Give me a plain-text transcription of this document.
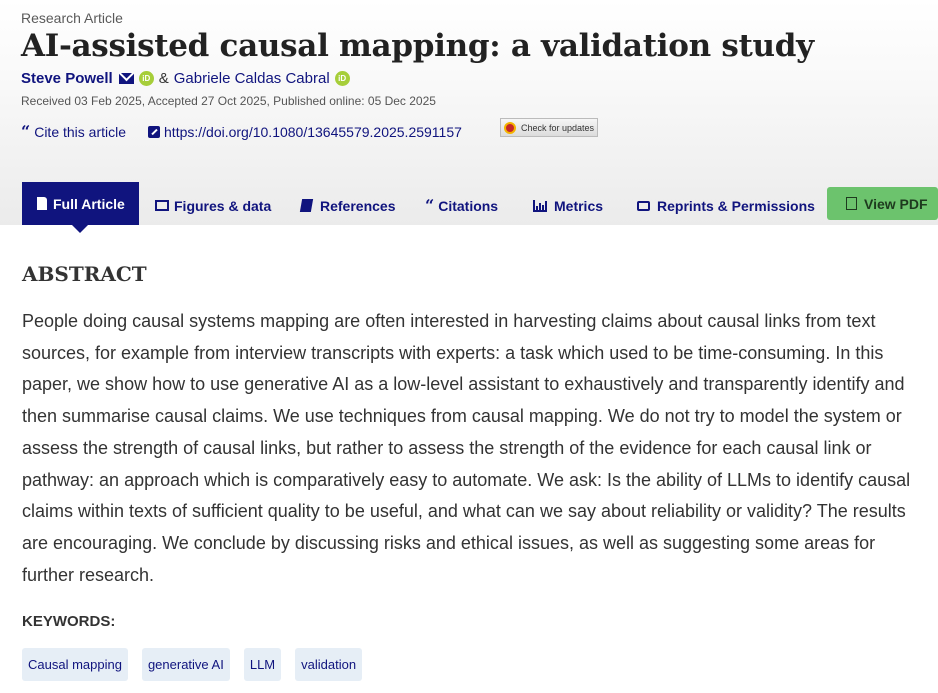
Research Article
AI-assisted causal mapping: a validation study
Steve Powell	iD & Gabriele Caldas Cabral	iD
Received 03 Feb 2025, Accepted 27 Oct 2025, Published online: 05 Dec 2025
“ Cite this article	https://doi.org/10.1080/13645579.2025.2591157	Check for updates
Full Article	Figures & data	References “ Citations	Metrics	Reprints & Permissions	View PDF
ABSTRACT

People doing causal systems mapping are often interested in harvesting claims about causal links from text sources, for example from interview transcripts with experts: a task which used to be time-consuming. In this paper, we show how to use generative AI as a low-level assistant to exhaustively and transparently identify and then summarise causal claims. We use techniques from causal mapping. We do not try to model the system or assess the strength of causal links, but rather to assess the strength of the evidence for each causal link or pathway: an approach which is comparatively easy to automate. We ask: Is the ability of LLMs to identify causal claims within texts of sufficient quality to be useful, and what can we say about reliability or validity? The results are encouraging. We conclude by discussing risks and ethical issues, as well as suggesting some areas for further research.

KEYWORDS:
Causal mapping	generative AI	LLM	validation
